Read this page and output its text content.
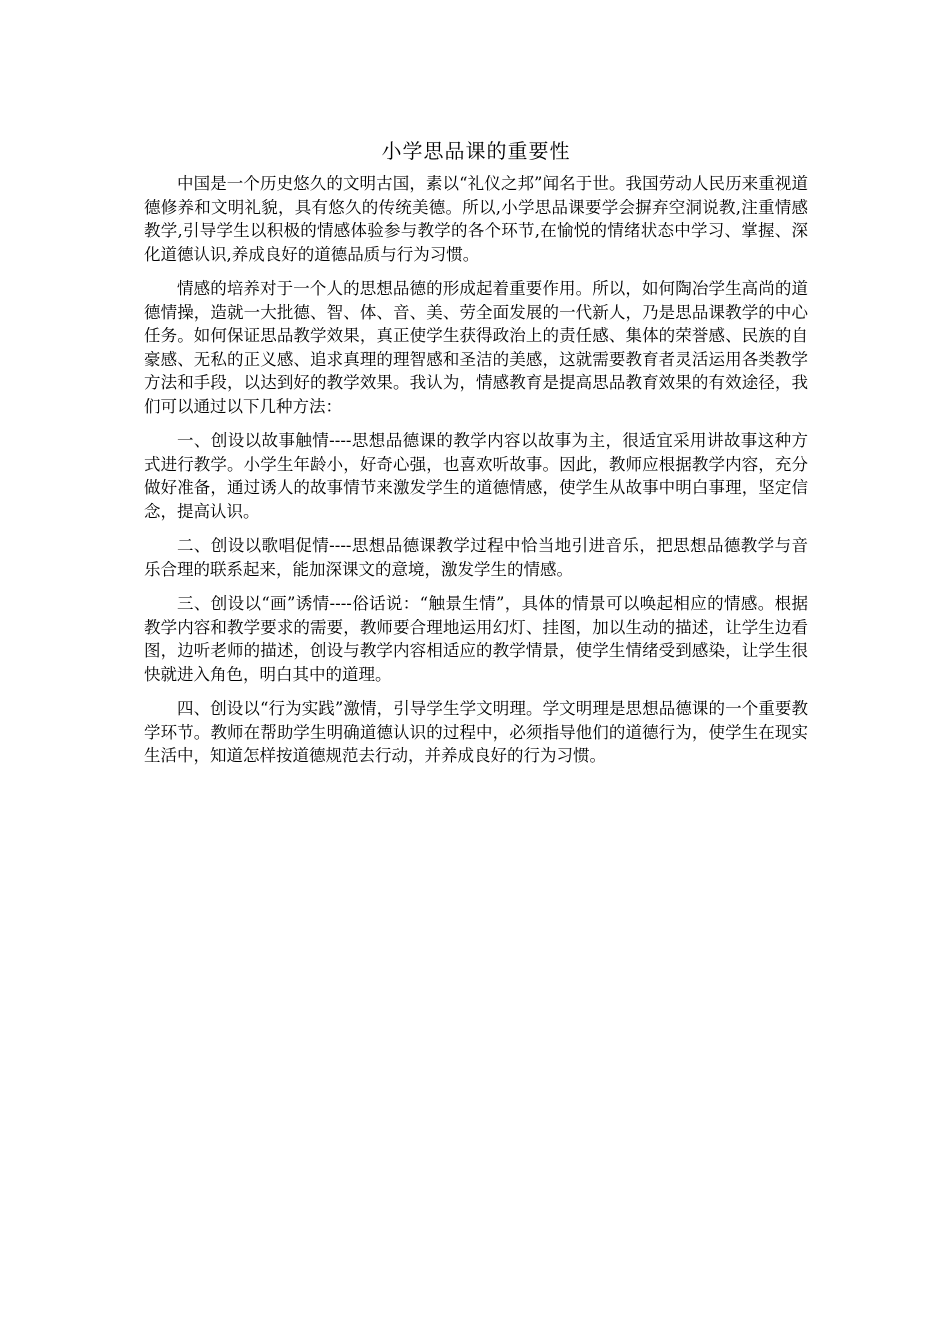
小学思品课的重要性

中国是一个历史悠久的文明古国，素以“礼仪之邦”闻名于世。我国劳动人民历来重视道德修养和文明礼貌，具有悠久的传统美德。所以,小学思品课要学会摒弃空洞说教,注重情感教学,引导学生以积极的情感体验参与教学的各个环节,在愉悦的情绪状态中学习、掌握、深化道德认识,养成良好的道德品质与行为习惯。

情感的培养对于一个人的思想品德的形成起着重要作用。所以，如何陶冶学生高尚的道德情操，造就一大批德、智、体、音、美、劳全面发展的一代新人，乃是思品课教学的中心任务。如何保证思品教学效果，真正使学生获得政治上的责任感、集体的荣誉感、民族的自豪感、无私的正义感、追求真理的理智感和圣洁的美感，这就需要教育者灵活运用各类教学方法和手段，以达到好的教学效果。我认为，情感教育是提高思品教育效果的有效途径，我们可以通过以下几种方法：

一、创设以故事触情----思想品德课的教学内容以故事为主，很适宜采用讲故事这种方式进行教学。小学生年龄小，好奇心强，也喜欢听故事。因此，教师应根据教学内容，充分做好准备，通过诱人的故事情节来激发学生的道德情感，使学生从故事中明白事理，坚定信念，提高认识。

二、创设以歌唱促情----思想品德课教学过程中恰当地引进音乐，把思想品德教学与音乐合理的联系起来，能加深课文的意境，激发学生的情感。

三、创设以“画”诱情----俗话说：“触景生情”，具体的情景可以唤起相应的情感。根据教学内容和教学要求的需要，教师要合理地运用幻灯、挂图，加以生动的描述，让学生边看图，边听老师的描述，创设与教学内容相适应的教学情景，使学生情绪受到感染，让学生很快就进入角色，明白其中的道理。

四、创设以“行为实践”激情，引导学生学文明理。学文明理是思想品德课的一个重要教学环节。教师在帮助学生明确道德认识的过程中，必须指导他们的道德行为，使学生在现实生活中，知道怎样按道德规范去行动，并养成良好的行为习惯。
